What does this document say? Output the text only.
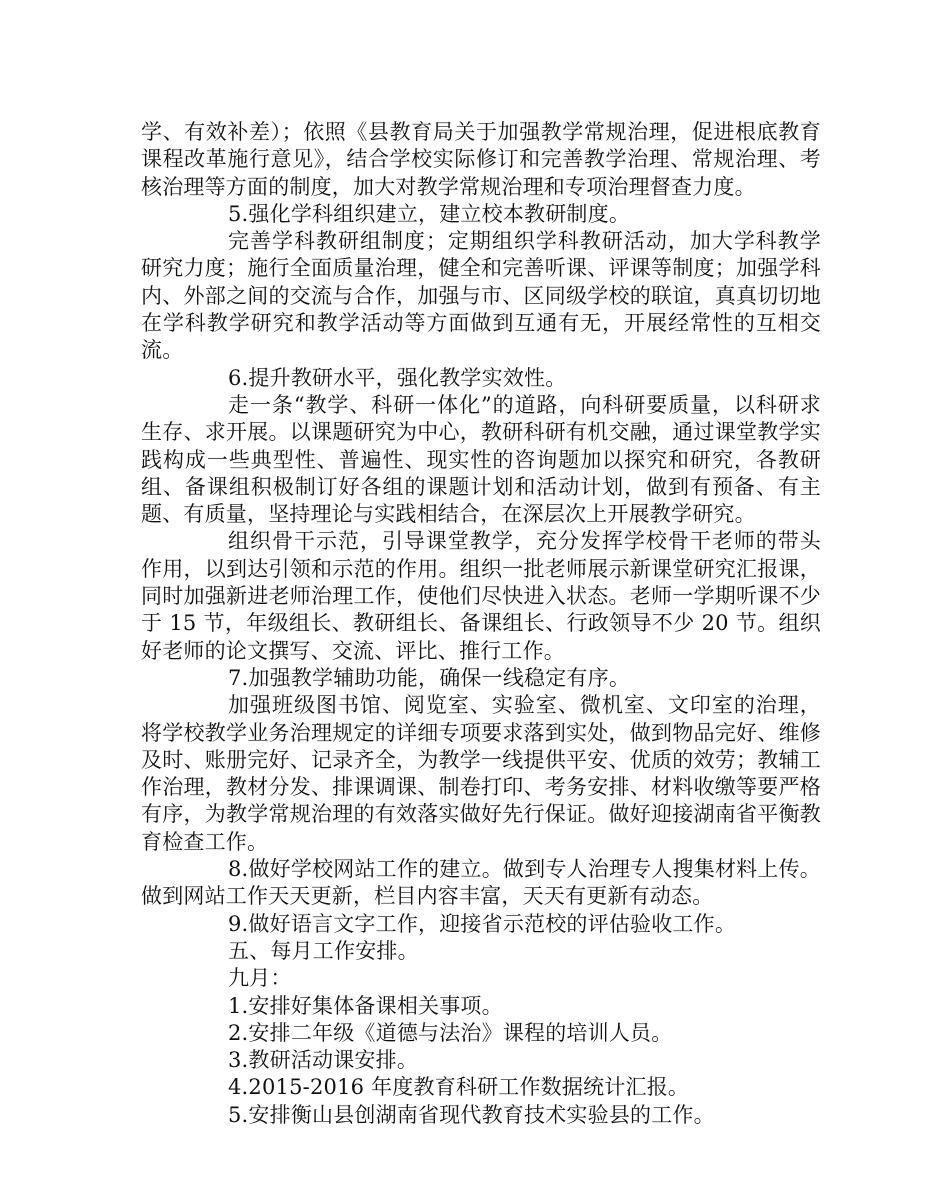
学、有效补差）；依照《县教育局关于加强教学常规治理，促进根底教育课程改革施行意见》，结合学校实际修订和完善教学治理、常规治理、考核治理等方面的制度，加大对教学常规治理和专项治理督查力度。

5.强化学科组织建立，建立校本教研制度。

完善学科教研组制度；定期组织学科教研活动，加大学科教学研究力度；施行全面质量治理，健全和完善听课、评课等制度；加强学科内、外部之间的交流与合作，加强与市、区同级学校的联谊，真真切切地在学科教学研究和教学活动等方面做到互通有无，开展经常性的互相交流。

6.提升教研水平，强化教学实效性。

走一条“教学、科研一体化”的道路，向科研要质量，以科研求生存、求开展。以课题研究为中心，教研科研有机交融，通过课堂教学实践构成一些典型性、普遍性、现实性的咨询题加以探究和研究，各教研组、备课组积极制订好各组的课题计划和活动计划，做到有预备、有主题、有质量，坚持理论与实践相结合，在深层次上开展教学研究。

组织骨干示范，引导课堂教学，充分发挥学校骨干老师的带头作用，以到达引领和示范的作用。组织一批老师展示新课堂研究汇报课，同时加强新进老师治理工作，使他们尽快进入状态。老师一学期听课不少于 15 节，年级组长、教研组长、备课组长、行政领导不少 20 节。组织好老师的论文撰写、交流、评比、推行工作。

7.加强教学辅助功能，确保一线稳定有序。

加强班级图书馆、阅览室、实验室、微机室、文印室的治理，将学校教学业务治理规定的详细专项要求落到实处，做到物品完好、维修及时、账册完好、记录齐全，为教学一线提供平安、优质的效劳；教辅工作治理，教材分发、排课调课、制卷打印、考务安排、材料收缴等要严格有序，为教学常规治理的有效落实做好先行保证。做好迎接湖南省平衡教育检查工作。

8.做好学校网站工作的建立。做到专人治理专人搜集材料上传。做到网站工作天天更新，栏目内容丰富，天天有更新有动态。

9.做好语言文字工作，迎接省示范校的评估验收工作。

五、每月工作安排。

九月：

1.安排好集体备课相关事项。

2.安排二年级《道德与法治》课程的培训人员。

3.教研活动课安排。

4.2015-2016 年度教育科研工作数据统计汇报。

5.安排衡山县创湖南省现代教育技术实验县的工作。
